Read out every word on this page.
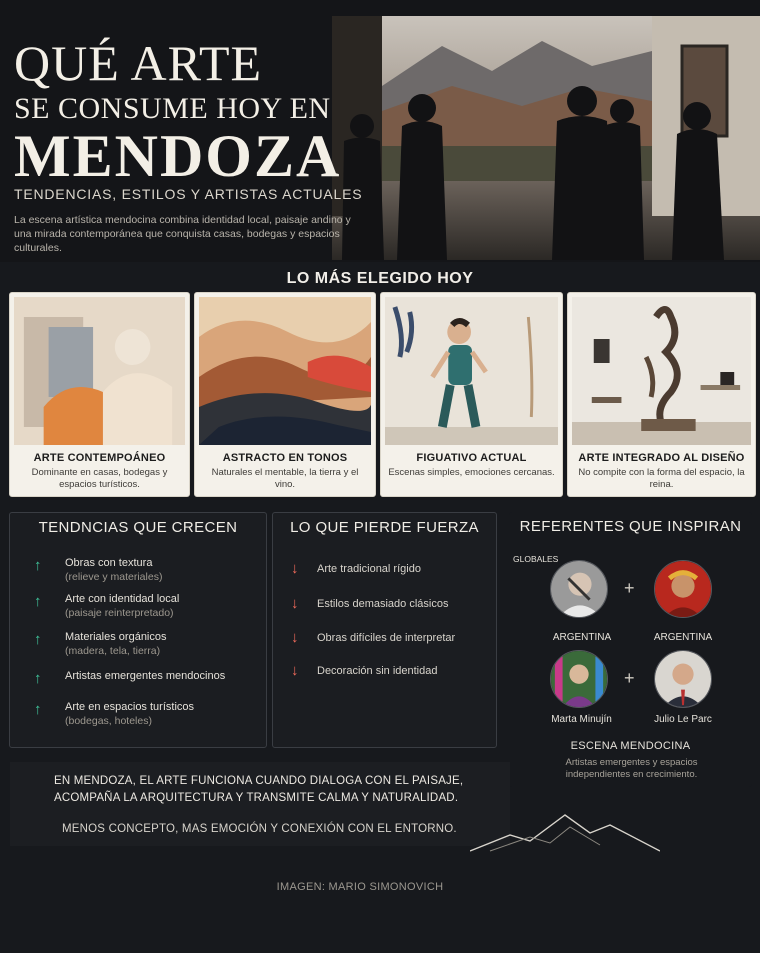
QUÉ ARTE
SE CONSUME HOY EN
MENDOZA
TENDENCIAS, ESTILOS Y ARTISTAS ACTUALES
La escena artística mendocina combina identidad local, paisaje andino y una mirada contemporánea que conquista casas, bodegas y espacios culturales.
LO MÁS ELEGIDO HOY
ARTE CONTEMPOÁNEO
Dominante en casas, bodegas y espacios turísticos.
ASTRACTO EN TONOS
Naturales el mentable, la tierra y el vino.
FIGUATIVO ACTUAL
Escenas simples, emociones cercanas.
ARTE INTEGRADO AL DISEÑO
No compite con la forma del espacio, la reina.
TENDNCIAS QUE CRECEN
↑ Obras con textura
(relieve y materiales)
↑ Arte con identidad local
(paisaje reinterpretado)
↑ Materiales orgánicos
(madera, tela, tierra)
↑ Artistas emergentes mendocinos
↑ Arte en espacios turísticos
(bodegas, hoteles)
LO QUE PIERDE FUERZA
↓ Arte tradicional rígido
↓ Estilos demasiado clásicos
↓ Obras difíciles de interpretar
↓ Decoración sin identidad
REFERENTES QUE INSPIRAN
GLOBALES
+
ARGENTINA	ARGENTINA
+
Marta Minujín	Julio Le Parc
ESCENA MENDOCINA
Artistas emergentes y espacios independientes en crecimiento.
EN MENDOZA, EL ARTE FUNCIONA CUANDO DIALOGA CON EL PAISAJE,
ACOMPAÑA LA ARQUITECTURA Y TRANSMITE CALMA Y NATURALIDAD.
MENOS CONCEPTO, MAS EMOCIÓN Y CONEXIÓN CON EL ENTORNO.
IMAGEN: MARIO SIMONOVICH
